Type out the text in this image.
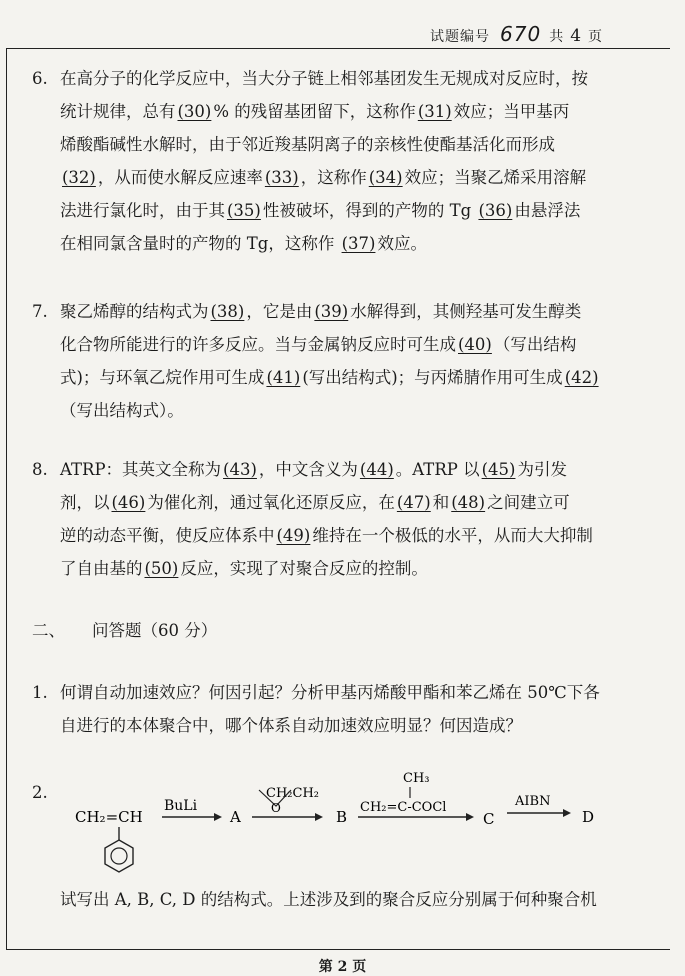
试题编号 670 共 4 页
6. 在高分子的化学反应中，当大分子链上相邻基团发生无规成对反应时，按
统计规律，总有 (30) % 的残留基团留下，这称作 (31) 效应；当甲基丙
烯酸酯碱性水解时，由于邻近羧基阴离子的亲核性使酯基活化而形成
(32) ，从而使水解反应速率 (33) ，这称作 (34) 效应；当聚乙烯采用溶解
法进行氯化时，由于其 (35) 性被破坏，得到的产物的 Tg (36) 由悬浮法
在相同氯含量时的产物的 Tg，这称作 (37) 效应。
7. 聚乙烯醇的结构式为 (38) ，它是由 (39) 水解得到，其侧羟基可发生醇类
化合物所能进行的许多反应。当与金属钠反应时可生成 (40) （写出结构
式)；与环氧乙烷作用可生成 (41) (写出结构式)；与丙烯腈作用可生成 (42)
（写出结构式）。
8. ATRP：其英文全称为 (43) ，中文含义为 (44) 。ATRP 以 (45) 为引发
剂，以 (46) 为催化剂，通过氧化还原反应，在 (47) 和 (48) 之间建立可
逆的动态平衡，使反应体系中 (49) 维持在一个极低的水平，从而大大抑制
了自由基的 (50) 反应，实现了对聚合反应的控制。
二、 问答题（60 分）
1. 何谓自动加速效应？何因引起？分析甲基丙烯酸甲酯和苯乙烯在 50℃下各
自进行的本体聚合中，哪个体系自动加速效应明显？何因造成？
2.
CH₂=CH
BuLi
A
CH₂CH₂
O	B
CH₃
CH₂=C-COCl
C
AIBN
D
试写出 A, B, C, D 的结构式。上述涉及到的聚合反应分别属于何种聚合机
第 2 页
